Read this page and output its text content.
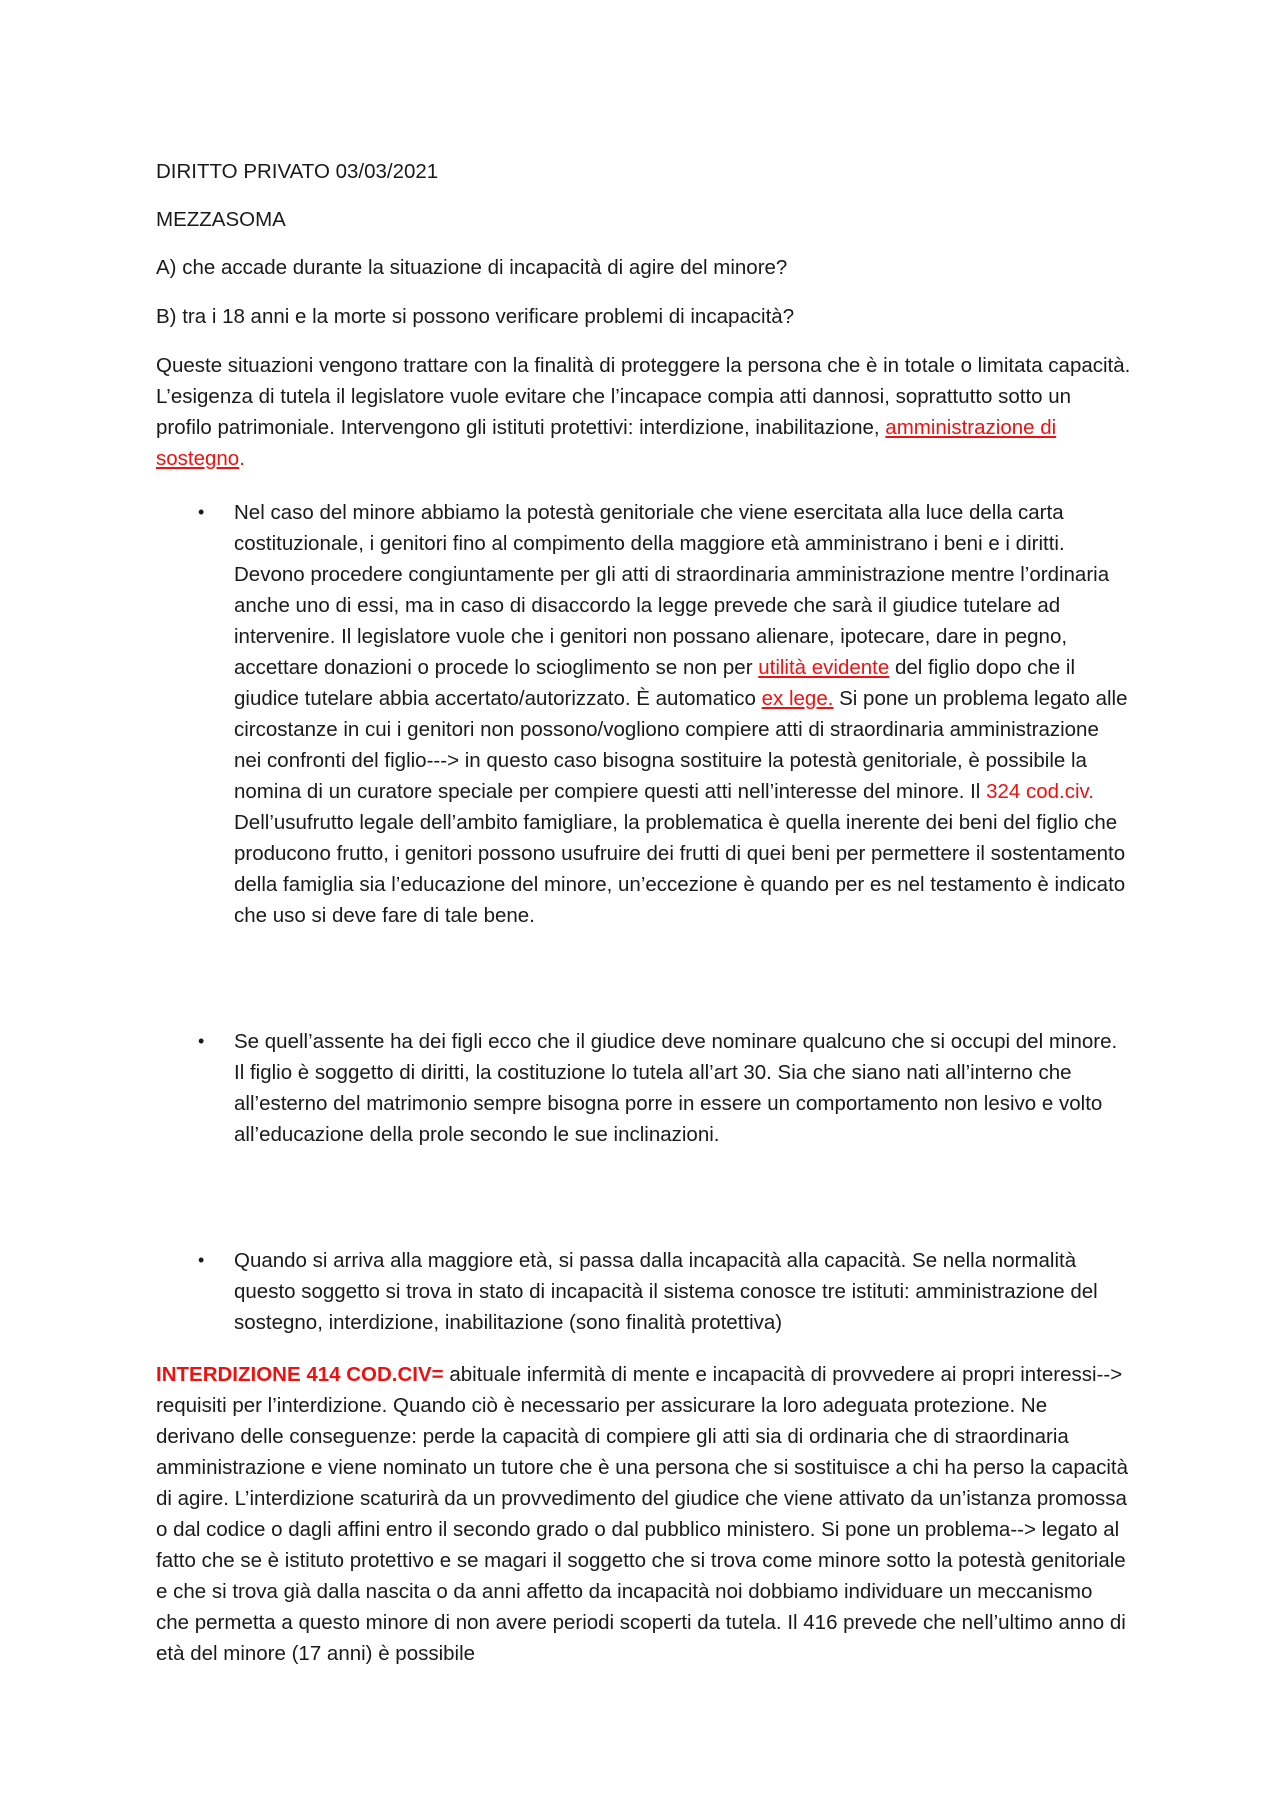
DIRITTO PRIVATO 03/03/2021

MEZZASOMA

A) che accade durante la situazione di incapacità di agire del minore?

B) tra i 18 anni e la morte si possono verificare problemi di incapacità?

Queste situazioni vengono trattare con la finalità di proteggere la persona che è in totale o limitata capacità. L’esigenza di tutela il legislatore vuole evitare che l’incapace compia atti dannosi, soprattutto sotto un profilo patrimoniale. Intervengono gli istituti protettivi: interdizione, inabilitazione, amministrazione di sostegno.

• Nel caso del minore abbiamo la potestà genitoriale che viene esercitata alla luce della carta costituzionale, i genitori fino al compimento della maggiore età amministrano i beni e i diritti. Devono procedere congiuntamente per gli atti di straordinaria amministrazione mentre l’ordinaria anche uno di essi, ma in caso di disaccordo la legge prevede che sarà il giudice tutelare ad intervenire. Il legislatore vuole che i genitori non possano alienare, ipotecare, dare in pegno, accettare donazioni o procede lo scioglimento se non per utilità evidente del figlio dopo che il giudice tutelare abbia accertato/autorizzato. È automatico ex lege. Si pone un problema legato alle circostanze in cui i genitori non possono/vogliono compiere atti di straordinaria amministrazione nei confronti del figlio---> in questo caso bisogna sostituire la potestà genitoriale, è possibile la nomina di un curatore speciale per compiere questi atti nell’interesse del minore. Il 324 cod.civ. Dell’usufrutto legale dell’ambito famigliare, la problematica è quella inerente dei beni del figlio che producono frutto, i genitori possono usufruire dei frutti di quei beni per permettere il sostentamento della famiglia sia l’educazione del minore, un’eccezione è quando per es nel testamento è indicato che uso si deve fare di tale bene.
• Se quell’assente ha dei figli ecco che il giudice deve nominare qualcuno che si occupi del minore. Il figlio è soggetto di diritti, la costituzione lo tutela all’art 30. Sia che siano nati all’interno che all’esterno del matrimonio sempre bisogna porre in essere un comportamento non lesivo e volto all’educazione della prole secondo le sue inclinazioni.
• Quando si arriva alla maggiore età, si passa dalla incapacità alla capacità. Se nella normalità questo soggetto si trova in stato di incapacità il sistema conosce tre istituti: amministrazione del sostegno, interdizione, inabilitazione (sono finalità protettiva)

INTERDIZIONE 414 COD.CIV= abituale infermità di mente e incapacità di provvedere ai propri interessi--> requisiti per l’interdizione. Quando ciò è necessario per assicurare la loro adeguata protezione. Ne derivano delle conseguenze: perde la capacità di compiere gli atti sia di ordinaria che di straordinaria amministrazione e viene nominato un tutore che è una persona che si sostituisce a chi ha perso la capacità di agire. L’interdizione scaturirà da un provvedimento del giudice che viene attivato da un’istanza promossa o dal codice o dagli affini entro il secondo grado o dal pubblico ministero. Si pone un problema--> legato al fatto che se è istituto protettivo e se magari il soggetto che si trova come minore sotto la potestà genitoriale e che si trova già dalla nascita o da anni affetto da incapacità noi dobbiamo individuare un meccanismo che permetta a questo minore di non avere periodi scoperti da tutela. Il 416 prevede che nell’ultimo anno di età del minore (17 anni) è possibile
